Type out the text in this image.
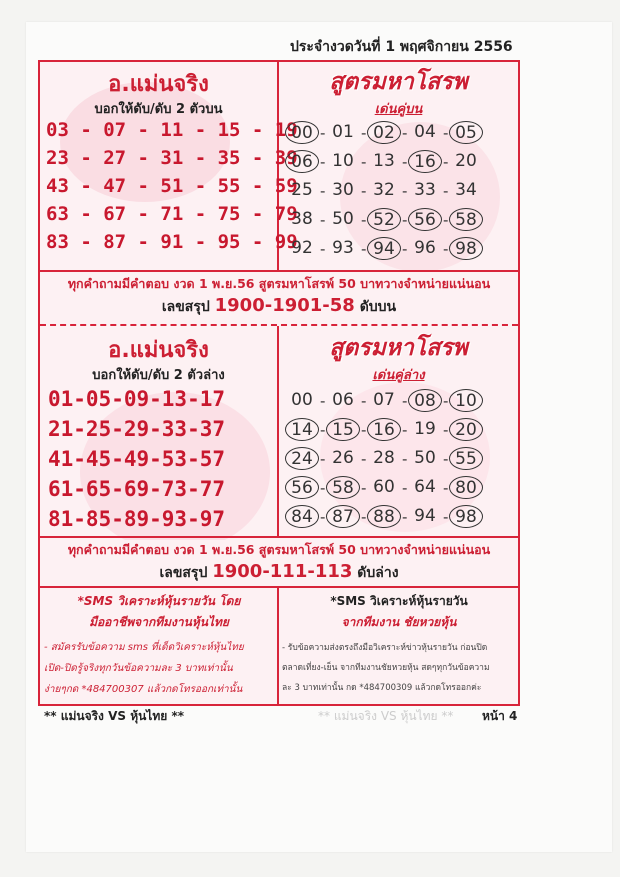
ประจำงวดวันที่ 1 พฤศจิกายน 2556
อ.แม่นจริง
บอกให้ดับ/ดับ 2 ตัวบน
03 - 07 - 11 - 15 - 19
23 - 27 - 31 - 35 - 39
43 - 47 - 51 - 55 - 59
63 - 67 - 71 - 75 - 79
83 - 87 - 91 - 95 - 99
สูตรมหาโสรพ
เด่นคู่บน
00 - 01 - 02 - 04 - 05
06 - 10 - 13 - 16 - 20
25 - 30 - 32 - 33 - 34
38 - 50 - 52 - 56 - 58
92 - 93 - 94 - 96 - 98
ทุกคำถามมีคำตอบ งวด 1 พ.ย.56 สูตรมหาโสรพ์ 50 บาทวางจำหน่ายแน่นอน
เลขสรุป 1900-1901-58 ดับบน
อ.แม่นจริง
บอกให้ดับ/ดับ 2 ตัวล่าง
01-05-09-13-17
21-25-29-33-37
41-45-49-53-57
61-65-69-73-77
81-85-89-93-97
สูตรมหาโสรพ
เด่นคู่ล่าง
00 - 06 - 07 - 08 - 10
14 - 15 - 16 - 19 - 20
24 - 26 - 28 - 50 - 55
56 - 58 - 60 - 64 - 80
84 - 87 - 88 - 94 - 98
ทุกคำถามมีคำตอบ งวด 1 พ.ย.56 สูตรมหาโสรพ์ 50 บาทวางจำหน่ายแน่นอน
เลขสรุป 1900-111-113 ดับล่าง
*SMS วิเคราะห์หุ้นรายวัน โดย
มืออาชีพจากทีมงานหุ้นไทย
- สมัครรับข้อความ sms ที่เด็ดวิเคราะห์หุ้นไทย
เปิด-ปิดรู้จริงทุกวันข้อความละ 3 บาทเท่านั้น
ง่ายๆกด *484700307 แล้วกดโทรออกเท่านั้น
*SMS วิเคราะห์หุ้นรายวัน
จากทีมงาน ชัยหวยหุ้น
- รับข้อความส่งตรงถึงมือวิเคราะห์ข่าวหุ้นรายวัน ก่อนปิด
ตลาดเที่ยง-เย็น จากทีมงานชัยหวยหุ้น สดๆทุกวันข้อความ
ละ 3 บาทเท่านั้น กด *484700309 แล้วกดโทรออกค่ะ
** แม่นจริง VS หุ้นไทย **	** แม่นจริง VS หุ้นไทย ** หน้า 4
